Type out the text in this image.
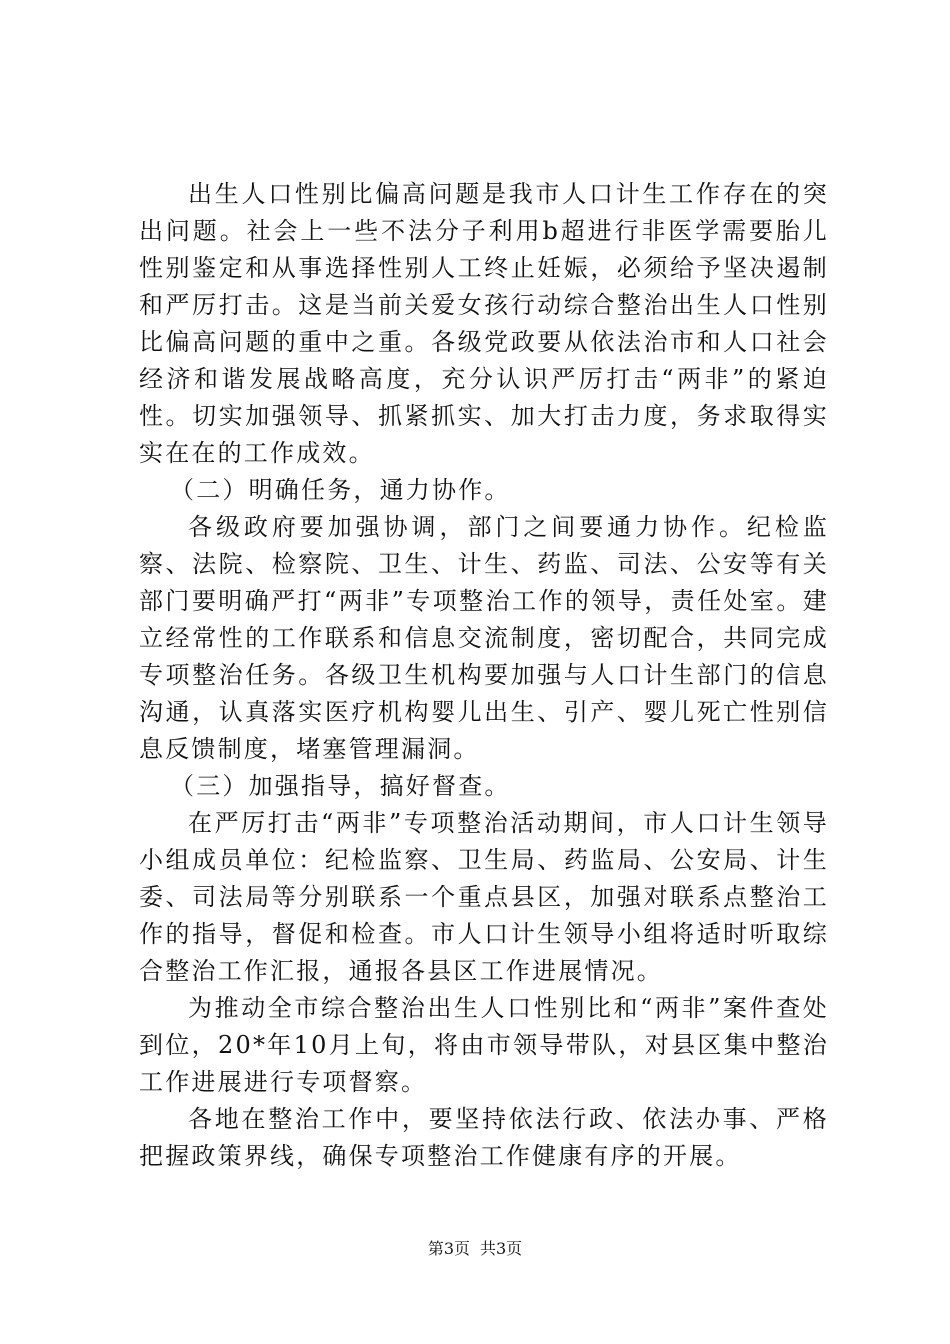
出生人口性别比偏高问题是我市人口计生工作存在的突出问题。社会上一些不法分子利用b超进行非医学需要胎儿性别鉴定和从事选择性别人工终止妊娠，必须给予坚决遏制和严厉打击。这是当前关爱女孩行动综合整治出生人口性别比偏高问题的重中之重。各级党政要从依法治市和人口社会经济和谐发展战略高度，充分认识严厉打击“两非”的紧迫性。切实加强领导、抓紧抓实、加大打击力度，务求取得实实在在的工作成效。

（二）明确任务，通力协作。

各级政府要加强协调，部门之间要通力协作。纪检监察、法院、检察院、卫生、计生、药监、司法、公安等有关部门要明确严打“两非”专项整治工作的领导，责任处室。建立经常性的工作联系和信息交流制度，密切配合，共同完成专项整治任务。各级卫生机构要加强与人口计生部门的信息沟通，认真落实医疗机构婴儿出生、引产、婴儿死亡性别信息反馈制度，堵塞管理漏洞。

（三）加强指导，搞好督查。

在严厉打击“两非”专项整治活动期间，市人口计生领导小组成员单位：纪检监察、卫生局、药监局、公安局、计生委、司法局等分别联系一个重点县区，加强对联系点整治工作的指导，督促和检查。市人口计生领导小组将适时听取综合整治工作汇报，通报各县区工作进展情况。

为推动全市综合整治出生人口性别比和“两非”案件查处到位，20*年10月上旬，将由市领导带队，对县区集中整治工作进展进行专项督察。

各地在整治工作中，要坚持依法行政、依法办事、严格把握政策界线，确保专项整治工作健康有序的开展。

第3页 共3页
